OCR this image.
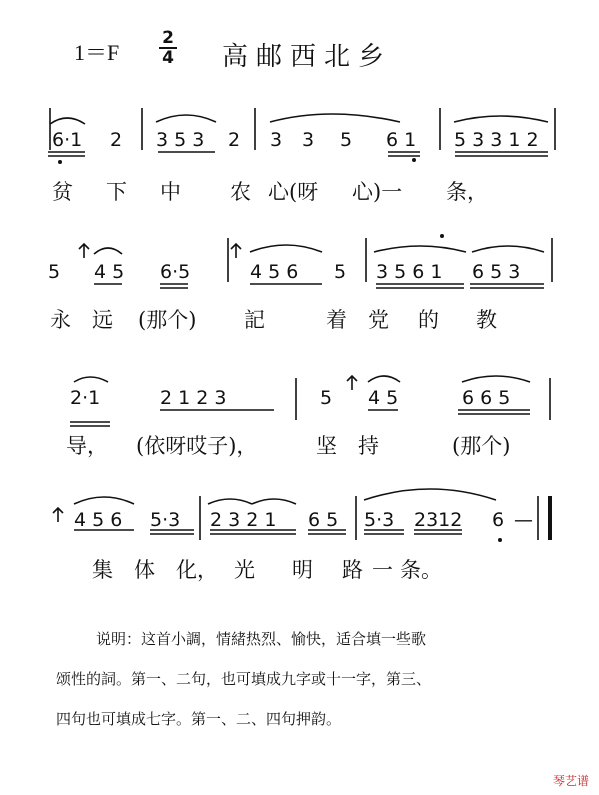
1＝F
2
4 高邮西北乡
6·1 2 3 5 3 2 3 3 5 6 1 5 3 3 1 2
5 4 5 6·5	4 5 6 5 3 5 6 1 6 5 3
2·1	2 1 2 3	5 4 5	6 6 5
4 5 6 5·3 2 3 2 1 6 5 5·3 2312 6 —
贫 下 中 农 心(呀 心)一 条，
永 远 (那个) 記	着 党 的 教
导， (依呀哎子)，	坚 持	(那个)
集 体 化， 光 明 路 一 条。
说明：这首小調，情緒热烈、愉快，适合填一些歌
颂性的詞。第一、二句，也可填成九字或十一字，第三、
四句也可填成七字。第一、二、四句押韵。
琴艺谱
